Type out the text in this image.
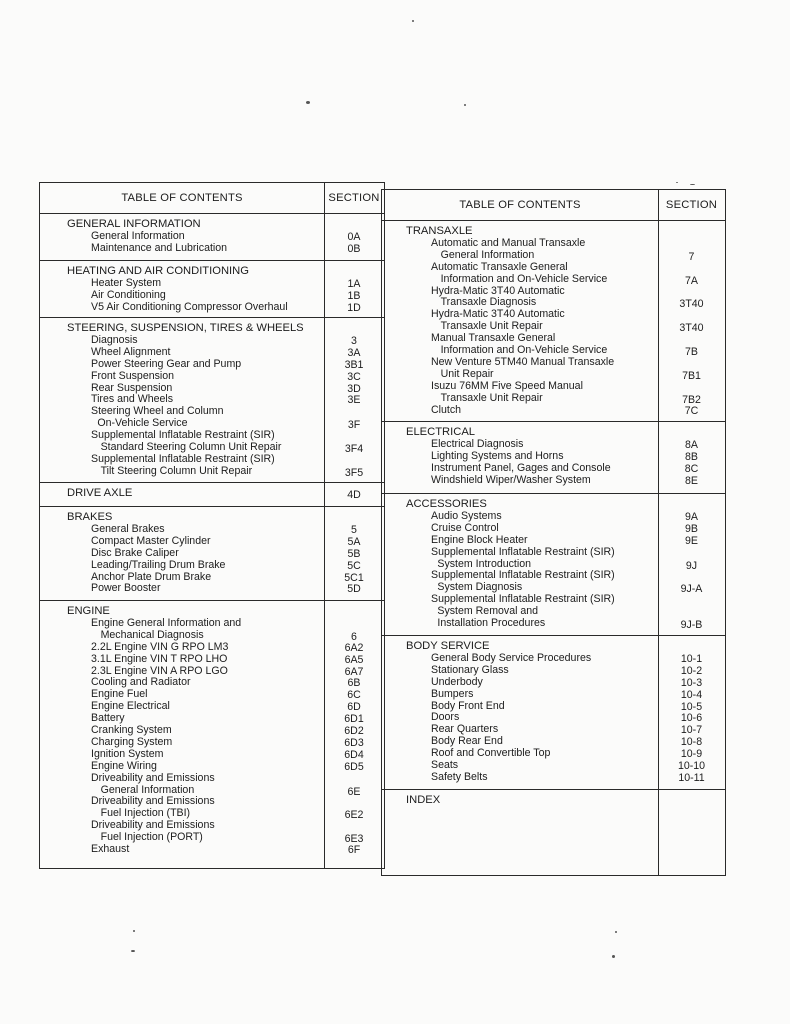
TABLE OF CONTENTS	SECTION
GENERAL INFORMATION
General Information	0A
Maintenance and Lubrication	0B
HEATING AND AIR CONDITIONING
Heater System	1A
Air Conditioning	1B
V5 Air Conditioning Compressor Overhaul	1D
STEERING, SUSPENSION, TIRES & WHEELS
Diagnosis	3
Wheel Alignment	3A
Power Steering Gear and Pump	3B1
Front Suspension	3C
Rear Suspension	3D
Tires and Wheels	3E
Steering Wheel and Column
On-Vehicle Service	3F
Supplemental Inflatable Restraint (SIR)
Standard Steering Column Unit Repair	3F4
Supplemental Inflatable Restraint (SIR)
Tilt Steering Column Unit Repair	3F5
DRIVE AXLE	4D
BRAKES
General Brakes	5
Compact Master Cylinder	5A
Disc Brake Caliper	5B
Leading/Trailing Drum Brake	5C
Anchor Plate Drum Brake	5C1
Power Booster	5D
ENGINE
Engine General Information and
Mechanical Diagnosis	6
2.2L Engine VIN G RPO LM3	6A2
3.1L Engine VIN T RPO LHO	6A5
2.3L Engine VIN A RPO LGO	6A7
Cooling and Radiator	6B
Engine Fuel	6C
Engine Electrical	6D
Battery	6D1
Cranking System	6D2
Charging System	6D3
Ignition System	6D4
Engine Wiring	6D5
Driveability and Emissions
General Information	6E
Driveability and Emissions
Fuel Injection (TBI)	6E2
Driveability and Emissions
Fuel Injection (PORT)	6E3
Exhaust	6F
TABLE OF CONTENTS	SECTION
TRANSAXLE
Automatic and Manual Transaxle
General Information	7
Automatic Transaxle General
Information and On-Vehicle Service	7A
Hydra-Matic 3T40 Automatic
Transaxle Diagnosis	3T40
Hydra-Matic 3T40 Automatic
Transaxle Unit Repair	3T40
Manual Transaxle General
Information and On-Vehicle Service	7B
New Venture 5TM40 Manual Transaxle
Unit Repair	7B1
Isuzu 76MM Five Speed Manual
Transaxle Unit Repair	7B2
Clutch	7C
ELECTRICAL
Electrical Diagnosis	8A
Lighting Systems and Horns	8B
Instrument Panel, Gages and Console	8C
Windshield Wiper/Washer System	8E
ACCESSORIES
Audio Systems	9A
Cruise Control	9B
Engine Block Heater	9E
Supplemental Inflatable Restraint (SIR)
System Introduction	9J
Supplemental Inflatable Restraint (SIR)
System Diagnosis	9J-A
Supplemental Inflatable Restraint (SIR)
System Removal and
Installation Procedures	9J-B
BODY SERVICE
General Body Service Procedures	10-1
Stationary Glass	10-2
Underbody	10-3
Bumpers	10-4
Body Front End	10-5
Doors	10-6
Rear Quarters	10-7
Body Rear End	10-8
Roof and Convertible Top	10-9
Seats	10-10
Safety Belts	10-11
INDEX
